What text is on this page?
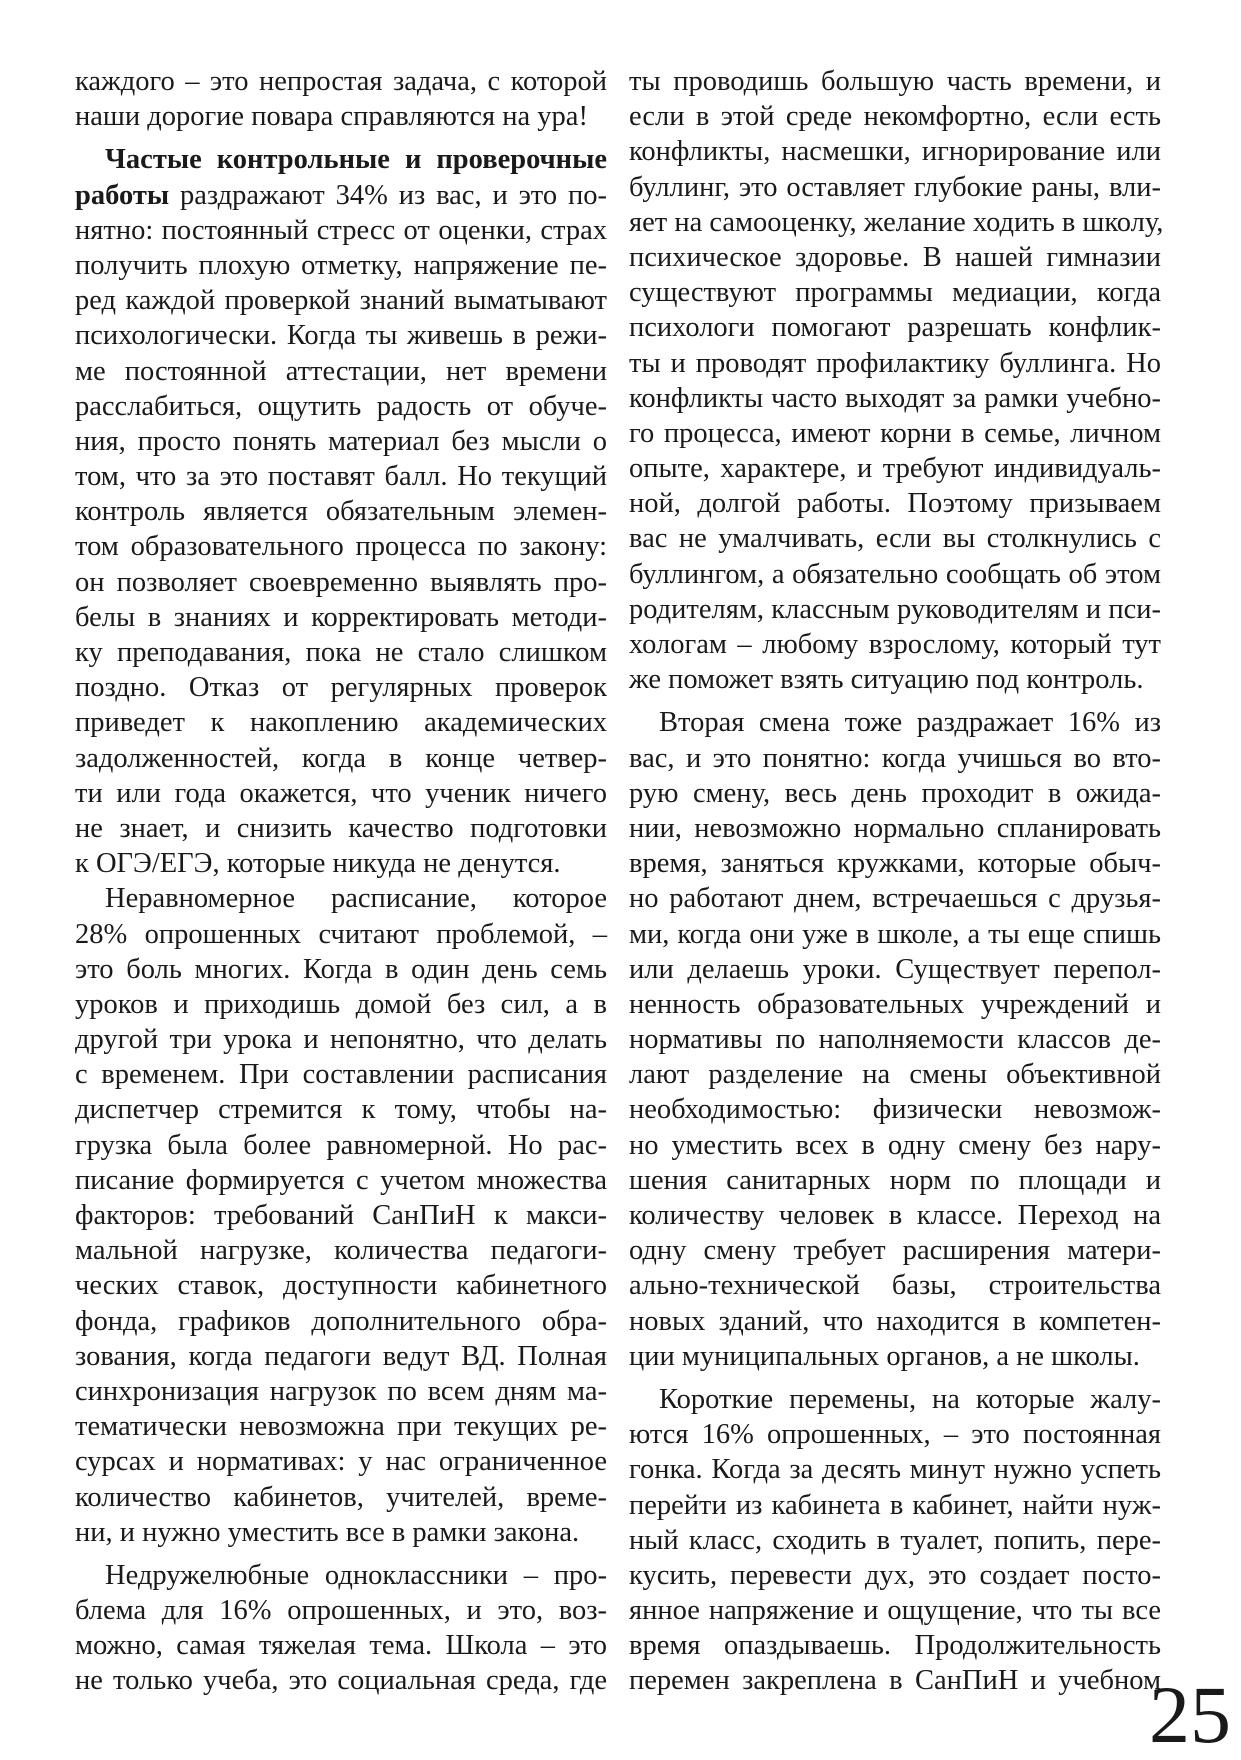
каждого – это непростая задача, с которой
наши дорогие повара справляются на ура!
Частые контрольные и проверочные
работы раздражают 34% из вас, и это по-
нятно: постоянный стресс от оценки, страх
получить плохую отметку, напряжение пе-
ред каждой проверкой знаний выматывают
психологически. Когда ты живешь в режи-
ме постоянной аттестации, нет времени
расслабиться, ощутить радость от обуче-
ния, просто понять материал без мысли о
том, что за это поставят балл. Но текущий
контроль является обязательным элемен-
том образовательного процесса по закону:
он позволяет своевременно выявлять про-
белы в знаниях и корректировать методи-
ку преподавания, пока не стало слишком
поздно. Отказ от регулярных проверок
приведет к накоплению академических
задолженностей, когда в конце четвер-
ти или года окажется, что ученик ничего
не знает, и снизить качество подготовки
к ОГЭ/ЕГЭ, которые никуда не денутся.
Неравномерное расписание, которое
28% опрошенных считают проблемой, –
это боль многих. Когда в один день семь
уроков и приходишь домой без сил, а в
другой три урока и непонятно, что делать
с временем. При составлении расписания
диспетчер стремится к тому, чтобы на-
грузка была более равномерной. Но рас-
писание формируется с учетом множества
факторов: требований СанПиН к макси-
мальной нагрузке, количества педагоги-
ческих ставок, доступности кабинетного
фонда, графиков дополнительного обра-
зования, когда педагоги ведут ВД. Полная
синхронизация нагрузок по всем дням ма-
тематически невозможна при текущих ре-
сурсах и нормативах: у нас ограниченное
количество кабинетов, учителей, време-
ни, и нужно уместить все в рамки закона.
Недружелюбные одноклассники – про-
блема для 16% опрошенных, и это, воз-
можно, самая тяжелая тема. Школа – это
не только учеба, это социальная среда, где
ты проводишь большую часть времени, и
если в этой среде некомфортно, если есть
конфликты, насмешки, игнорирование или
буллинг, это оставляет глубокие раны, вли-
яет на самооценку, желание ходить в школу,
психическое здоровье. В нашей гимназии
существуют программы медиации, когда
психологи помогают разрешать конфлик-
ты и проводят профилактику буллинга. Но
конфликты часто выходят за рамки учебно-
го процесса, имеют корни в семье, личном
опыте, характере, и требуют индивидуаль-
ной, долгой работы. Поэтому призываем
вас не умалчивать, если вы столкнулись с
буллингом, а обязательно сообщать об этом
родителям, классным руководителям и пси-
хологам – любому взрослому, который тут
же поможет взять ситуацию под контроль.
Вторая смена тоже раздражает 16% из
вас, и это понятно: когда учишься во вто-
рую смену, весь день проходит в ожида-
нии, невозможно нормально спланировать
время, заняться кружками, которые обыч-
но работают днем, встречаешься с друзья-
ми, когда они уже в школе, а ты еще спишь
или делаешь уроки. Существует перепол-
ненность образовательных учреждений и
нормативы по наполняемости классов де-
лают разделение на смены объективной
необходимостью: физически невозмож-
но уместить всех в одну смену без нару-
шения санитарных норм по площади и
количеству человек в классе. Переход на
одну смену требует расширения матери-
ально-технической базы, строительства
новых зданий, что находится в компетен-
ции муниципальных органов, а не школы.
Короткие перемены, на которые жалу-
ются 16% опрошенных, – это постоянная
гонка. Когда за десять минут нужно успеть
перейти из кабинета в кабинет, найти нуж-
ный класс, сходить в туалет, попить, пере-
кусить, перевести дух, это создает посто-
янное напряжение и ощущение, что ты все
время опаздываешь. Продолжительность
перемен закреплена в СанПиН и учебном
25
